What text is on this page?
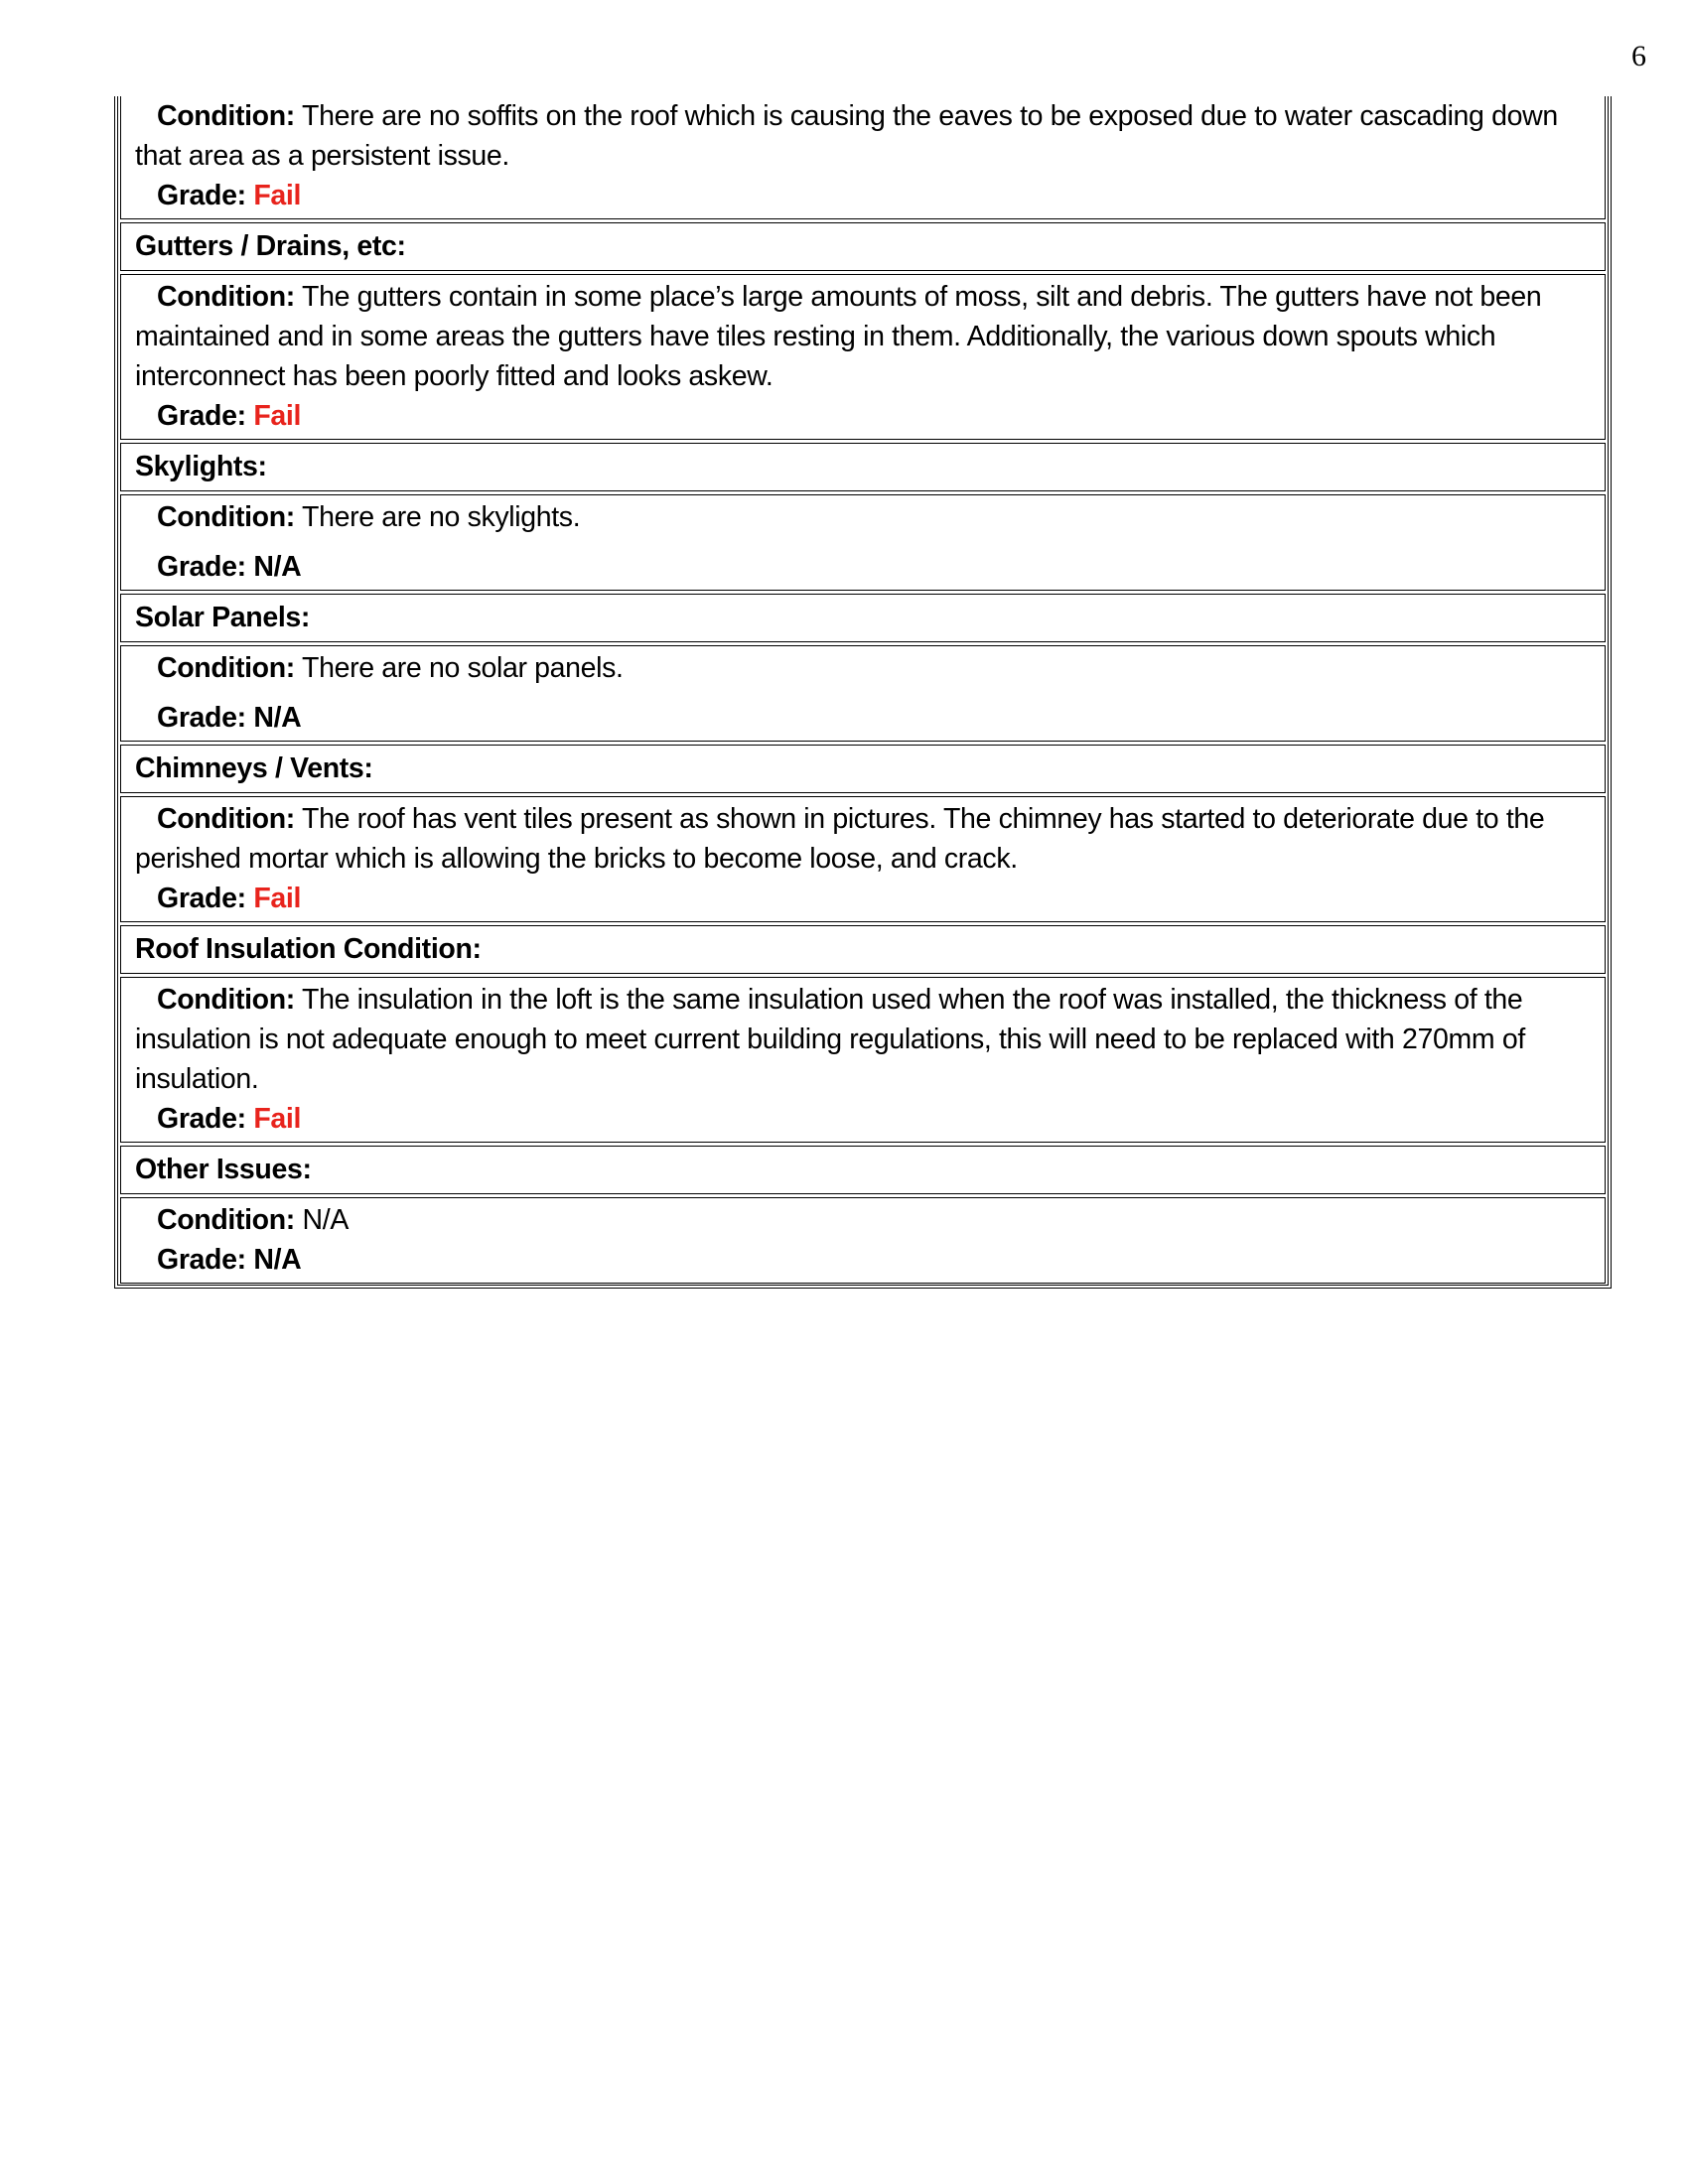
6
Condition: There are no soffits on the roof which is causing the eaves to be exposed due to water cascading down that area as a persistent issue.
Grade: Fail
Gutters / Drains, etc:
Condition: The gutters contain in some place’s large amounts of moss, silt and debris. The gutters have not been maintained and in some areas the gutters have tiles resting in them. Additionally, the various down spouts which interconnect has been poorly fitted and looks askew.
Grade: Fail
Skylights:
Condition: There are no skylights.
Grade: N/A
Solar Panels:
Condition: There are no solar panels.
Grade: N/A
Chimneys / Vents:
Condition: The roof has vent tiles present as shown in pictures. The chimney has started to deteriorate due to the perished mortar which is allowing the bricks to become loose, and crack.
Grade: Fail
Roof Insulation Condition:
Condition: The insulation in the loft is the same insulation used when the roof was installed, the thickness of the insulation is not adequate enough to meet current building regulations, this will need to be replaced with 270mm of insulation.
Grade: Fail
Other Issues:
Condition: N/A
Grade: N/A
